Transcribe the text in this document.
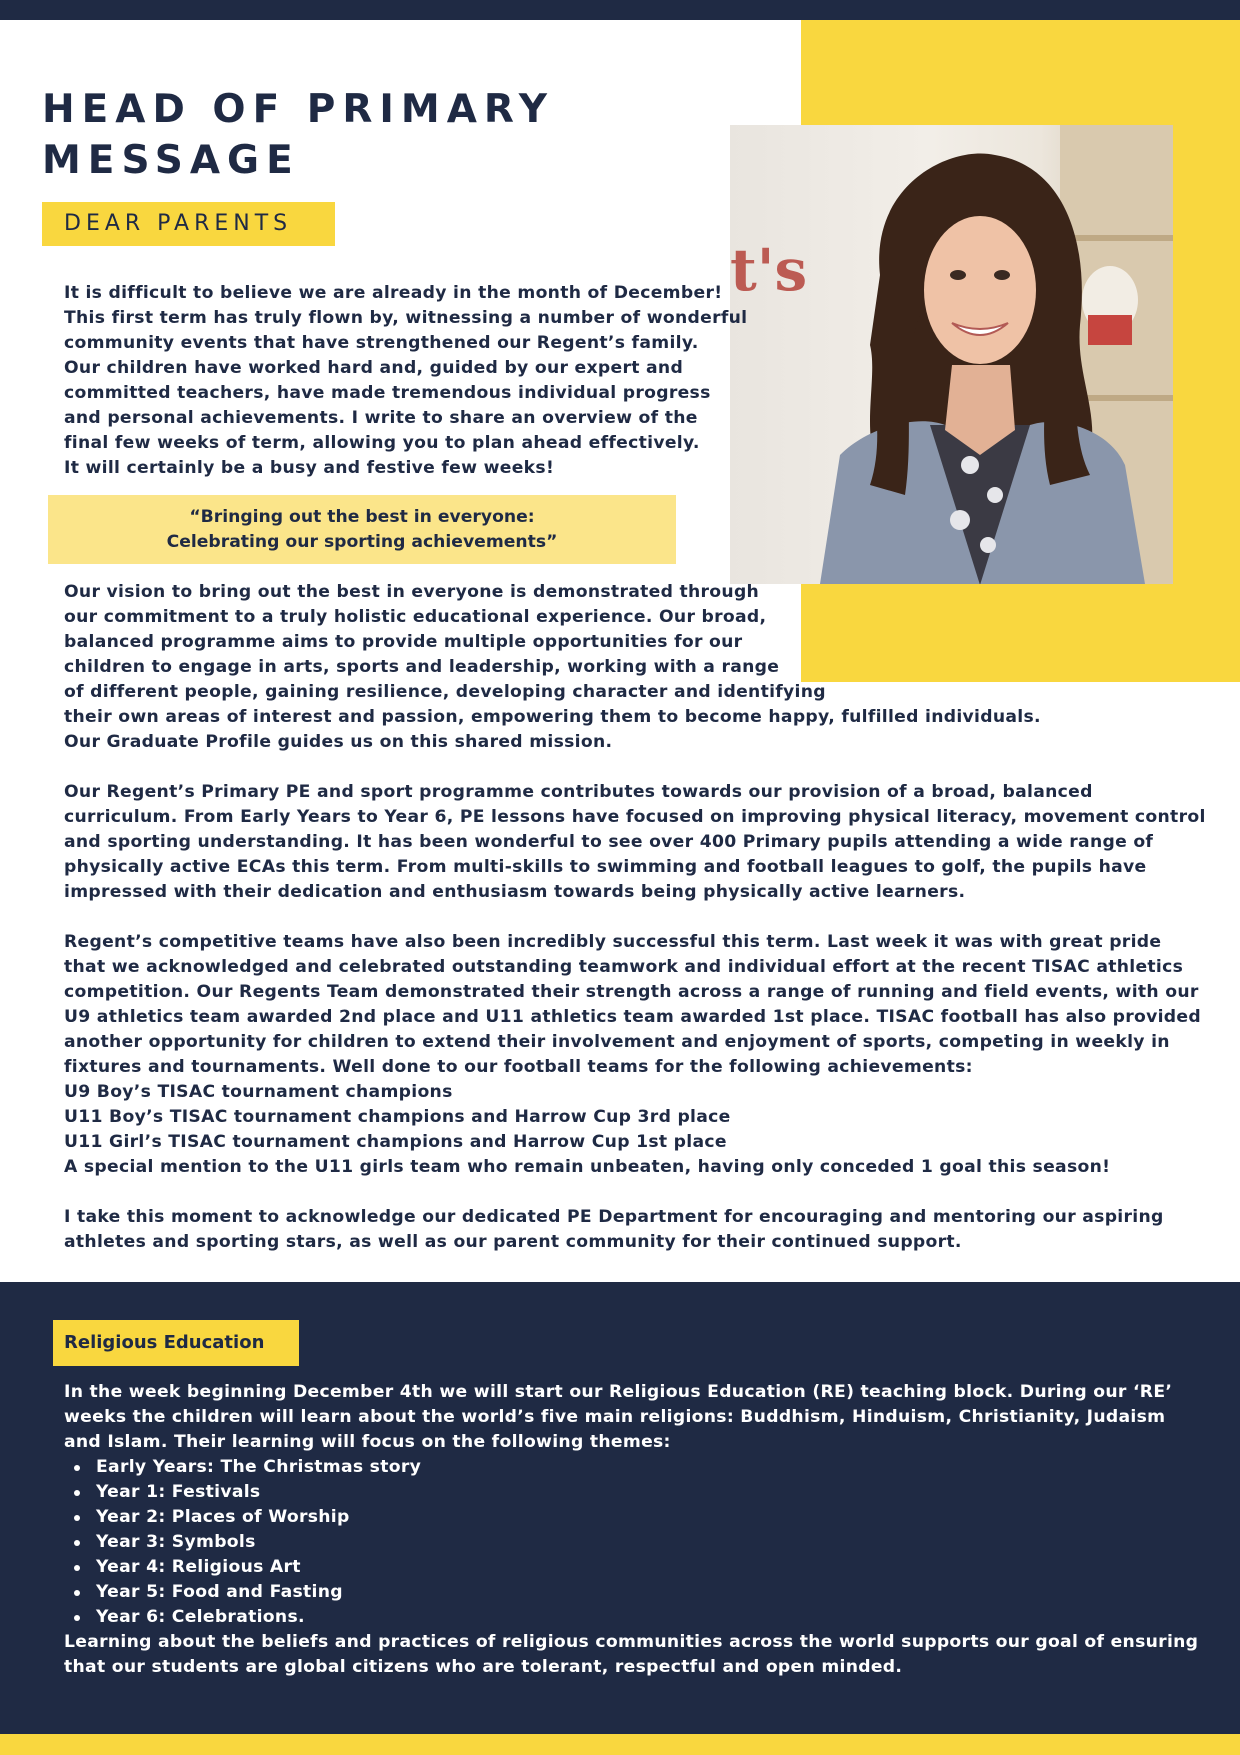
t's
HEAD OF PRIMARY
MESSAGE
DEAR PARENTS

It is difficult to believe we are already in the month of December!
This first term has truly flown by, witnessing a number of wonderful
community events that have strengthened our Regent’s family.
Our children have worked hard and, guided by our expert and
committed teachers, have made tremendous individual progress
and personal achievements. I write to share an overview of the
final few weeks of term, allowing you to plan ahead effectively.
It will certainly be a busy and festive few weeks!

“Bringing out the best in everyone:
Celebrating our sporting achievements”

Our vision to bring out the best in everyone is demonstrated through
our commitment to a truly holistic educational experience. Our broad,
balanced programme aims to provide multiple opportunities for our
children to engage in arts, sports and leadership, working with a range
of different people, gaining resilience, developing character and identifying
their own areas of interest and passion, empowering them to become happy, fulfilled individuals.
Our Graduate Profile guides us on this shared mission.

Our Regent’s Primary PE and sport programme contributes towards our provision of a broad, balanced
curriculum. From Early Years to Year 6, PE lessons have focused on improving physical literacy, movement control
and sporting understanding. It has been wonderful to see over 400 Primary pupils attending a wide range of
physically active ECAs this term. From multi-skills to swimming and football leagues to golf, the pupils have
impressed with their dedication and enthusiasm towards being physically active learners.

Regent’s competitive teams have also been incredibly successful this term. Last week it was with great pride
that we acknowledged and celebrated outstanding teamwork and individual effort at the recent TISAC athletics
competition. Our Regents Team demonstrated their strength across a range of running and field events, with our
U9 athletics team awarded 2nd place and U11 athletics team awarded 1st place. TISAC football has also provided
another opportunity for children to extend their involvement and enjoyment of sports, competing in weekly in
fixtures and tournaments. Well done to our football teams for the following achievements:
U9 Boy’s TISAC tournament champions
U11 Boy’s TISAC tournament champions and Harrow Cup 3rd place
U11 Girl’s TISAC tournament champions and Harrow Cup 1st place
A special mention to the U11 girls team who remain unbeaten, having only conceded 1 goal this season!

I take this moment to acknowledge our dedicated PE Department for encouraging and mentoring our aspiring
athletes and sporting stars, as well as our parent community for their continued support.

Religious Education

In the week beginning December 4th we will start our Religious Education (RE) teaching block. During our ‘RE’
weeks the children will learn about the world’s five main religions: Buddhism, Hinduism, Christianity, Judaism
and Islam. Their learning will focus on the following themes:

Early Years: The Christmas story
Year 1: Festivals
Year 2: Places of Worship
Year 3: Symbols
Year 4: Religious Art
Year 5: Food and Fasting
Year 6: Celebrations.

Learning about the beliefs and practices of religious communities across the world supports our goal of ensuring
that our students are global citizens who are tolerant, respectful and open minded.
